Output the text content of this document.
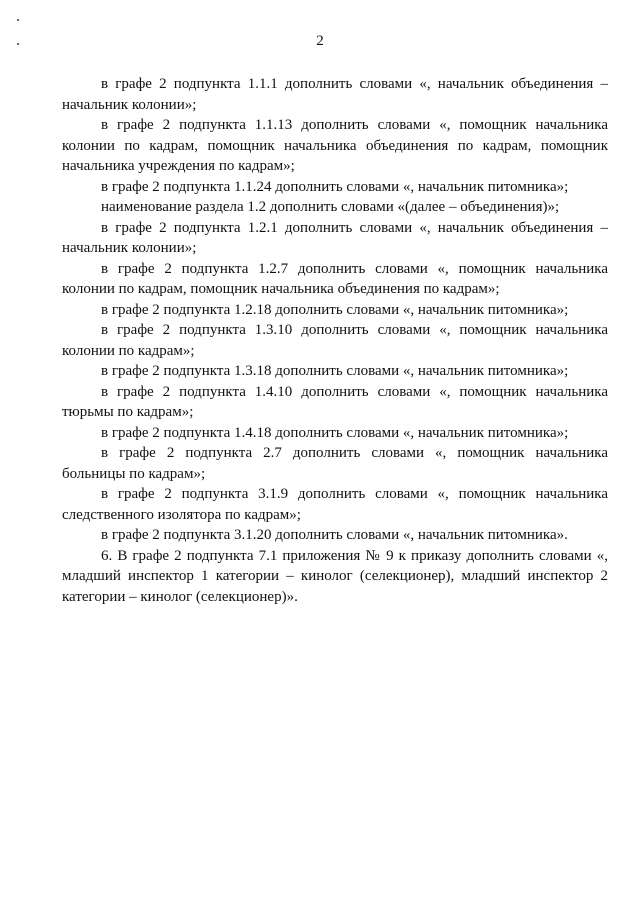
2

в графе 2 подпункта 1.1.1 дополнить словами «, начальник объединения – начальник колонии»;

в графе 2 подпункта 1.1.13 дополнить словами «, помощник начальника колонии по кадрам, помощник начальника объединения по кадрам, помощник начальника учреждения по кадрам»;

в графе 2 подпункта 1.1.24 дополнить словами «, начальник питомника»;

наименование раздела 1.2 дополнить словами «(далее – объединения)»;

в графе 2 подпункта 1.2.1 дополнить словами «, начальник объединения – начальник колонии»;

в графе 2 подпункта 1.2.7 дополнить словами «, помощник начальника колонии по кадрам, помощник начальника объединения по кадрам»;

в графе 2 подпункта 1.2.18 дополнить словами «, начальник питомника»;

в графе 2 подпункта 1.3.10 дополнить словами «, помощник начальника колонии по кадрам»;

в графе 2 подпункта 1.3.18 дополнить словами «, начальник питомника»;

в графе 2 подпункта 1.4.10 дополнить словами «, помощник начальника тюрьмы по кадрам»;

в графе 2 подпункта 1.4.18 дополнить словами «, начальник питомника»;

в графе 2 подпункта 2.7 дополнить словами «, помощник начальника больницы по кадрам»;

в графе 2 подпункта 3.1.9 дополнить словами «, помощник начальника следственного изолятора по кадрам»;

в графе 2 подпункта 3.1.20 дополнить словами «, начальник питомника».

6. В графе 2 подпункта 7.1 приложения № 9 к приказу дополнить словами «, младший инспектор 1 категории – кинолог (селекционер), младший инспектор 2 категории – кинолог (селекционер)».
